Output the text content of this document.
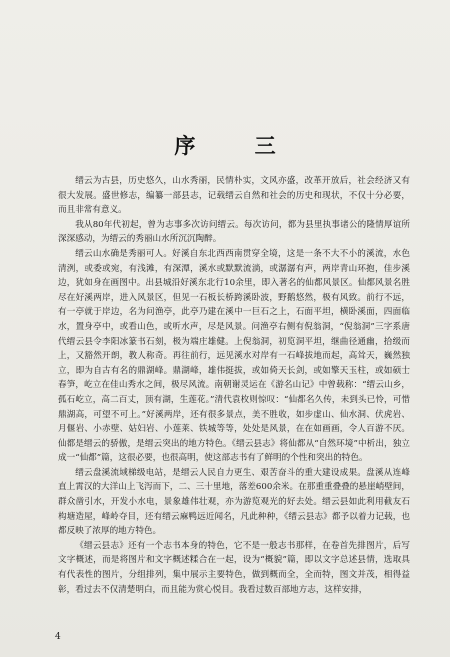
序 三

缙云为古县，历史悠久，山水秀丽，民情朴实，文风亦盛，改革开放后，社会经济又有很大发展。盛世修志，编纂一部县志，记载缙云自然和社会的历史和现状，不仅十分必要，而且非常有意义。

我从80年代初起，曾为志事多次访问缙云。每次访问，都为县里执事诸公的隆情厚谊所深深感动，为缙云的秀丽山水所沉沉陶醉。

缙云山水确是秀丽可人。好溪自东北西西南贯穿全境，这是一条不大不小的溪流，水色清洌，或委或宛，有浅滩，有深潭，溪水或默默流淌，或潺潺有声，两岸青山环抱，佳步溪边，犹如身在画图中。出县城沿好溪东北行10余里，即入著名的仙都风景区。仙都风景名胜尽在好溪两岸，进入风景区，但见一石板长桥跨溪卧波，野鹅悠然，极有风致。前行不远，有一亭就于岸边，名为问渔亭，此亭乃建在溪中一巨石之上，石面平坦，横卧溪面，四面临水，置身亭中，或看山色，或听水声，尽是风景。问渔亭右侧有倪翁洞，“倪翁洞”三字系唐代缙云县令李阳冰篆书石刻，极为端庄雄健。上倪翁洞，初览洞平坦，继曲径通幽，拾级而上，又豁然开朗，教人称奇。再往前行，远见溪水对岸有一石峰拔地而起，高耸天，巍然独立，即为自古有名的鼎湖峰。鼎湖峰，雄伟挺拔，或如倚天长剑，或如擎天玉柱，或如硕士春笋，屹立在佳山秀水之间，极尽风流。南朝谢灵运在《游名山记》中曾载称：“缙云山乡，孤石屹立，高二百丈，顶有湖，生莲花。”清代袁枚则惊叹：“仙都名久传，未到头已怜，可惜鼎湖高，可望不可上。”好溪两岸，还有很多景点，美不胜收，如步虚山、仙水洞、伏虎岩、月偃岩、小赤壁、姑妇岩、小莲莱、铁城等等，处处是风景，在在如画画，令人百游不厌。仙都是缙云的骄傲，是缙云突出的地方特色。《缙云县志》将仙都从“自然环境”中析出，独立成一“仙都”篇，这很必要，也很高明，使这部志书有了鲜明的个性和突出的特色。

缙云盘溪流域梯级电站，是缙云人民自力更生、艰苦奋斗的重大建设成果。盘溪从连峰直上霄汉的大洋山上飞泻而下，二、三十里地，落差600余米。在那重重叠叠的悬崖峭壁间，群众凿引水，开发小水电，景象雄伟壮观，亦为游览观光的好去处。缙云县如此利用截友石构塘造屋，峰岭夺目，还有缙云麻鸭远近闻名，凡此种种，《缙云县志》都予以着力记载，也都反映了浓厚的地方特色。

《缙云县志》还有一个志书本身的特色，它不是一般志书那样，在卷首先排图片，后写文字概述，而是将图片和文字概述糅合在一起，设为“概貌”篇，即以文字总述县情，选取具有代表性的图片，分组排列，集中展示主要特色，做到概而全，全而特，图文并茂，相得益彰，看过去不仅清楚明白，而且能为赏心悦目。我看过数百部地方志，这样安排，

4
